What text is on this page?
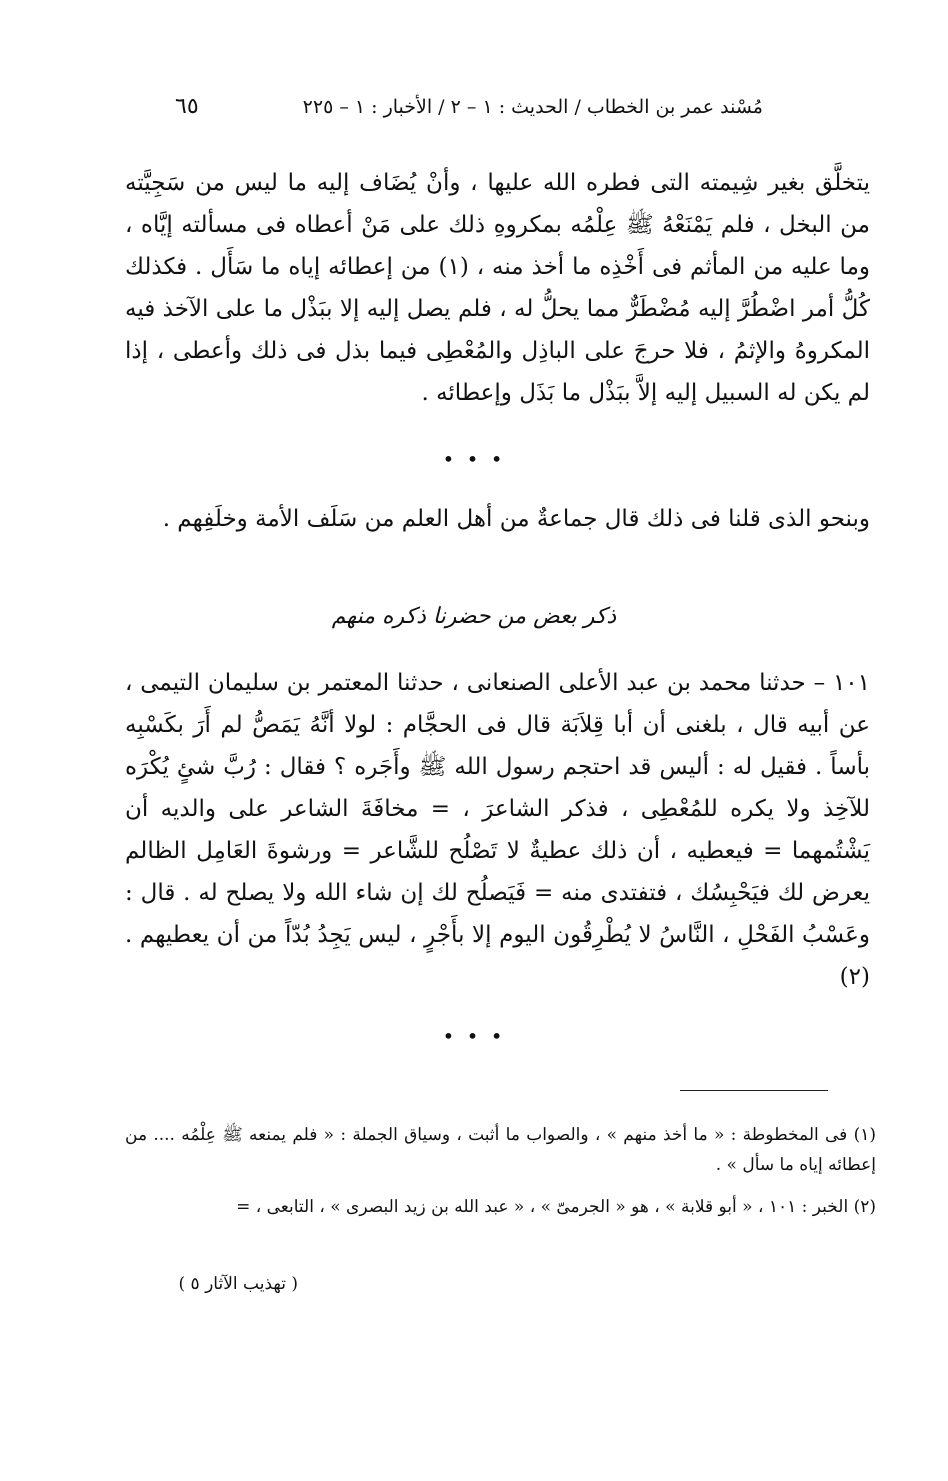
مُسْند عمر بن الخطاب / الحديث : ١ – ٢ / الأخبار : ١ – ٢٢٥
٦٥
يتخلَّق بغير شِيمته التى فطره الله عليها ، وأنْ يُضَاف إليه ما ليس من سَجِيَّته من البخل ، فلم يَمْنَعْهُ ﷺ عِلْمُه بمكروهِ ذلك على مَنْ أعطاه فى مسألته إيَّاه ، وما عليه من المأثم فى أَخْذِه ما أخذ منه ، (١) من إعطائه إياه ما سَأَل . فكذلك كُلُّ أمر اضْطُرَّ إليه مُضْطَرٌّ مما يحلُّ له ، فلم يصل إليه إلا ببَذْل ما على الآخذ فيه المكروهُ والإثمُ ، فلا حرجَ على الباذِل والمُعْطِى فيما بذل فى ذلك وأعطى ، إذا لم يكن له السبيل إليه إلاَّ ببَذْل ما بَذَل وإعطائه .
• • •
وبنحو الذى قلنا فى ذلك قال جماعةٌ من أهل العلم من سَلَف الأمة وخلَفِهم .
ذكر بعض من حضرنا ذكره منهم
١٠١ – حدثنا محمد بن عبد الأعلى الصنعانى ، حدثنا المعتمر بن سليمان التيمى ، عن أبيه قال ، بلغنى أن أبا قِلاَبَة قال فى الحجَّام : لولا أنَّهُ يَمَصُّ لم أَرَ بكَسْبِه بأساً . فقيل له : أليس قد احتجم رسول الله ﷺ وأَجَره ؟ فقال : رُبَّ شئٍ يُكْرَه للآخِذ ولا يكره للمُعْطِى ، فذكر الشاعرَ ، = مخافَةَ الشاعر على والديه أن يَشْتُمهما = فيعطيه ، أن ذلك عطيةٌ لا تَصْلُح للشَّاعر = ورشوةَ العَامِل الظالم يعرض لك فيَحْبِسُك ، فتفتدى منه = فَيَصلُح لك إن شاء الله ولا يصلح له . قال : وعَسْبُ الفَحْلِ ، النَّاسُ لا يُطْرِقُون اليوم إلا بأَجْرٍ ، ليس يَجِدُ بُدّاً من أن يعطيهم . (٢)
• • •

(١) فى المخطوطة : « ما أخذ منهم » ، والصواب ما أثبت ، وسياق الجملة : « فلم يمنعه ﷺ عِلْمُه .... من إعطائه إياه ما سأل » .

(٢) الخبر : ١٠١ ، « أبو قلابة » ، هو « الجرمىّ » ، « عبد الله بن زيد البصرى » ، التابعى ، =

( تهذيب الآثار ٥ )
